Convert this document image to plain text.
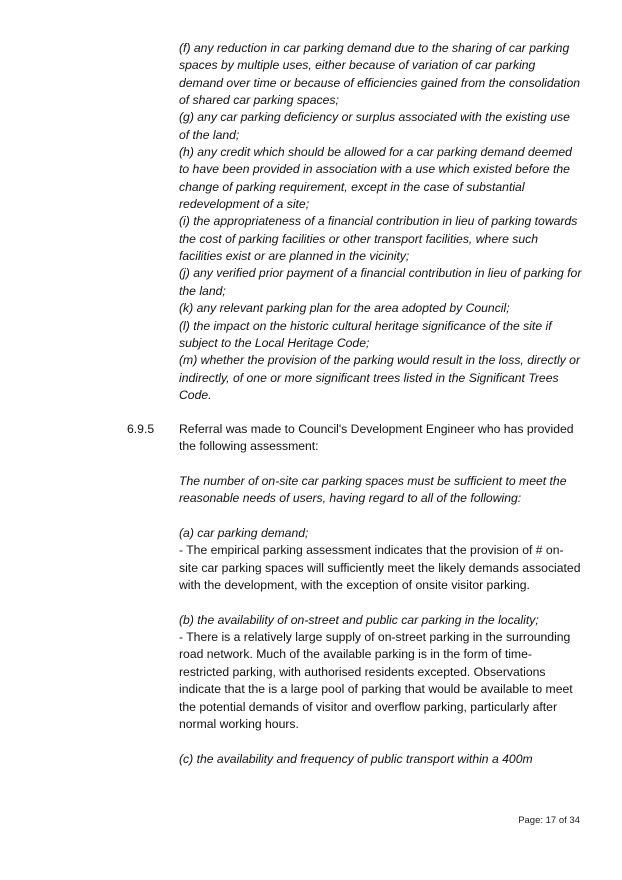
(f) any reduction in car parking demand due to the sharing of car parking spaces by multiple uses, either because of variation of car parking demand over time or because of efficiencies gained from the consolidation of shared car parking spaces;

(g) any car parking deficiency or surplus associated with the existing use of the land;

(h) any credit which should be allowed for a car parking demand deemed to have been provided in association with a use which existed before the change of parking requirement, except in the case of substantial redevelopment of a site;

(i) the appropriateness of a financial contribution in lieu of parking towards the cost of parking facilities or other transport facilities, where such facilities exist or are planned in the vicinity;

(j) any verified prior payment of a financial contribution in lieu of parking for the land;

(k) any relevant parking plan for the area adopted by Council;

(l) the impact on the historic cultural heritage significance of the site if subject to the Local Heritage Code;

(m) whether the provision of the parking would result in the loss, directly or indirectly, of one or more significant trees listed in the Significant Trees Code.

6.9.5 Referral was made to Council's Development Engineer who has provided the following assessment:

The number of on-site car parking spaces must be sufficient to meet the reasonable needs of users, having regard to all of the following:

(a) car parking demand;

- The empirical parking assessment indicates that the provision of # on-site car parking spaces will sufficiently meet the likely demands associated with the development, with the exception of onsite visitor parking.

(b) the availability of on-street and public car parking in the locality;

- There is a relatively large supply of on-street parking in the surrounding road network. Much of the available parking is in the form of time-restricted parking, with authorised residents excepted. Observations indicate that the is a large pool of parking that would be available to meet the potential demands of visitor and overflow parking, particularly after normal working hours.

(c) the availability and frequency of public transport within a 400m

Page: 17 of 34
